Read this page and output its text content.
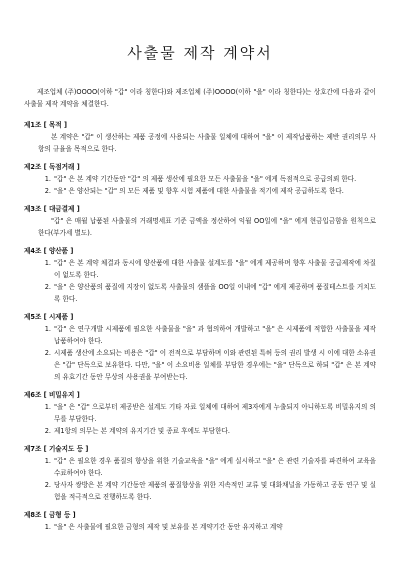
사출물 제작 계약서

제조업체 (주)OOOO(이하 "갑" 이라 칭한다)와 제조업체 (주)OOOO(이하 "을" 이라 칭한다)는 상호간에 다음과 같이 사출물 제작 계약을 체결한다.

제1조 [ 목적 ]

본 계약은 "갑" 이 생산하는 제품 공정에 사용되는 사출물 일체에 대하여 "을" 이 제작납품하는 제반 권리의무 사항의 규율을 목적으로 한다.

제2조 [ 독점거래 ]

1. "갑" 은 본 계약 기간동안 "갑" 의 제품 생산에 필요한 모든 사출물을 "을" 에게 독점적으로 공급의뢰 한다.
2. "을" 은 양산되는 "갑" 의 모든 제품 및 향후 시험 제품에 대한 사출물을 적기에 제작 공급하도록 한다.

제3조 [ 대금결제 ]

"갑" 은 매월 납품된 사출물의 거래명세표 기준 금액을 정산하여 익월 OO일에 "을" 에게 현금입금함을 원칙으로 한다(부가세 별도).

제4조 [ 양산품 ]

1. "갑" 은 본 계약 체결과 동시에 양산품에 대한 사출물 설계도를 "을" 에게 제공하며 향후 사출물 공급제작에 차질이 없도록 한다.
2. "을" 은 양산품의 품질에 지장이 없도록 사출물의 샘플을 OO일 이내에 "갑" 에게 제공하며 품질테스트를 거치도록 한다.

제5조 [ 시제품 ]

1. "갑" 은 연구개발 시제품에 필요한 사출물을 "을" 과 협의하여 개발하고 "을" 은 시제품에 적합한 사출물을 제작납품하여야 한다.
2. 시제품 생산에 소요되는 비용은 "갑" 이 전적으로 부담하며 이와 관련된 특허 등의 권리 발생 시 이에 대한 소유권은 "갑" 단독으로 보유한다. 다만, "을" 이 소요비용 일체를 부담한 경우에는 "을" 단독으로 하되 "갑" 은 본 계약의 유효기간 동안 무상의 사용권을 부여받는다.

제6조 [ 비밀유지 ]

1. "을" 은 "갑" 으로부터 제공받은 설계도 기타 자료 일체에 대하여 제3자에게 누출되지 아니하도록 비밀유지의 의무를 부담한다.
2. 제1항의 의무는 본 계약의 유지기간 및 종료 후에도 부담한다.

제7조 [ 기술지도 등 ]

1. "갑" 은 필요한 경우 품질의 향상을 위한 기술교육을 "을" 에게 실시하고 "을" 은 관련 기술자를 파견하여 교육을 수료하여야 한다.
2. 당사자 쌍방은 본 계약 기간동안 제품의 품질향상을 위한 지속적인 교류 및 대화채널을 가동하고 공동 연구 및 실험을 적극적으로 진행하도록 한다.

제8조 [ 금형 등 ]

1. "을" 은 사출물에 필요한 금형의 제작 및 보유를 본 계약기간 동안 유지하고 계약
